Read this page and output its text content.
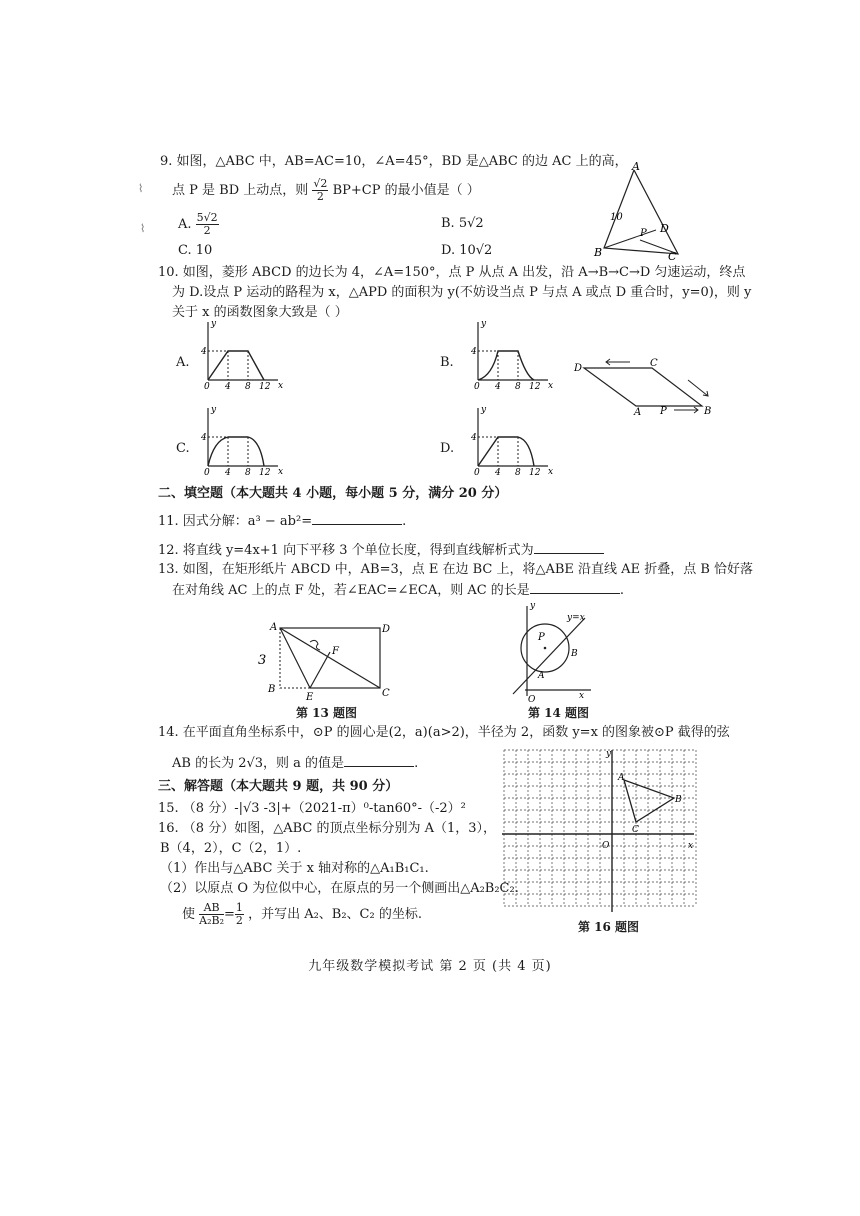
⌇
⌇
9. 如图，△ABC 中，AB=AC=10，∠A=45°，BD 是△ABC 的边 AC 上的高，
点 P 是 BD 上动点，则 $\frac{√2}{2} BP+CP$ 的最小值是（ ）
A. $\frac{5√2}{2}$	B. 5√2
C. 10	D. 10√2
A
B	C
D
P
10
10. 如图，菱形 ABCD 的边长为 4，∠A=150°，点 P 从点 A 出发，沿 A→B→C→D 匀速运动，终点
为 D.设点 P 运动的路程为 x，△APD 的面积为 y(不妨设当点 P 与点 A 或点 D 重合时，y=0)，则 y
关于 x 的函数图象大致是（ ）
A.	B.
C.	D.
y
x
4
0 4 8 12
y
x
4
0 4 8 12
y
x
4
0 4 8 12
y
x
4
0 4 8 12
D	C
A	B
P
二、填空题（本大题共 4 小题，每小题 5 分，满分 20 分）
11. 因式分解：a³ − ab²=	.
12. 将直线 y=4x+1 向下平移 3 个单位长度，得到直线解析式为
13. 如图，在矩形纸片 ABCD 中，AB=3，点 E 在边 BC 上，将△ABE 沿直线 AE 折叠，点 B 恰好落
在对角线 AC 上的点 F 处，若∠EAC=∠ECA，则 AC 的长是	.
A	D
B	C
E
F
3
第 13 题图
y
x
O
A
B
P
y=x
第 14 题图
14. 在平面直角坐标系中，⊙P 的圆心是(2，a)(a>2)，半径为 2，函数 y=x 的图象被⊙P 截得的弦
AB 的长为 2√3，则 a 的值是	.
三、解答题（本大题共 9 题，共 90 分）
15. （8 分）-|√3 -3|+（2021-π）⁰-tan60°-（-2）²
16. （8 分）如图，△ABC 的顶点坐标分别为 A（1，3），
B（4，2），C（2，1）.
（1）作出与△ABC 关于 x 轴对称的△A₁B₁C₁.
（2）以原点 O 为位似中心，在原点的另一个侧画出△A₂B₂C₂.
使 $\frac{AB}{\text{A₂B₂}} = \frac{1}{2}$ ，并写出 A₂、B₂、C₂ 的坐标.
y
x
O
A
B
C
第 16 题图
九年级数学模拟考试 第 2 页 (共 4 页)
